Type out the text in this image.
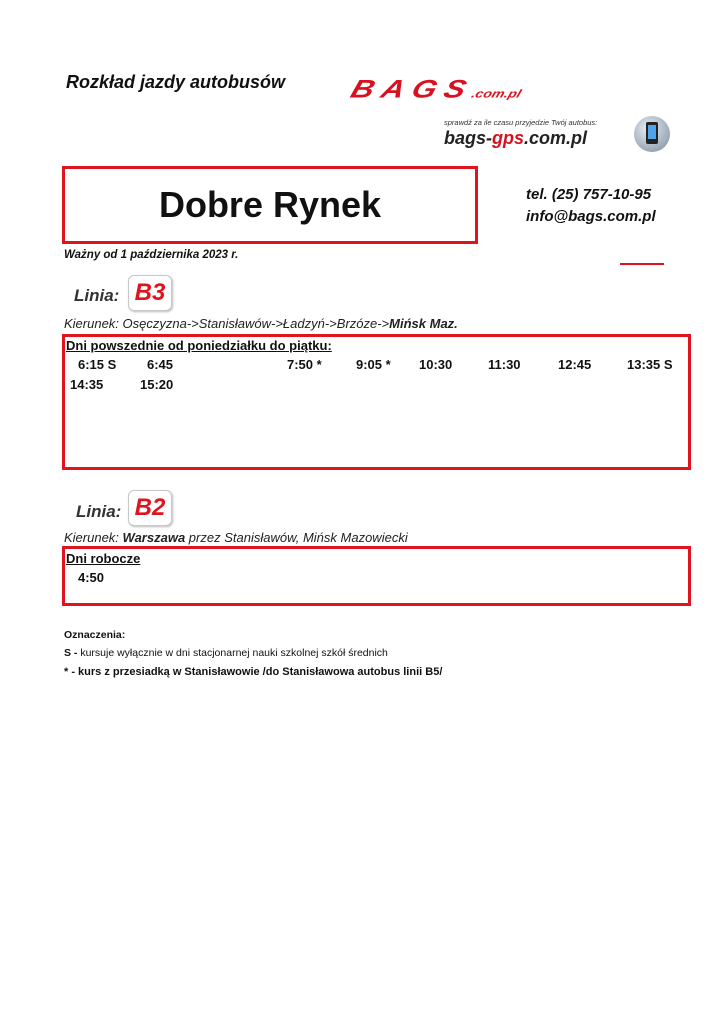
Rozkład jazdy autobusów BAGS.com.pl
sprawdź za ile czasu przyjedzie Twój autobus:
bags-gps.com.pl
Dobre Rynek	tel. (25) 757-10-95
info@bags.com.pl
Ważny od 1 października 2023 r.
Linia: B3
Kierunek: Osęczyzna->Stanisławów->Ładzyń->Brzóze->Mińsk Maz.
Dni powszednie od poniedziałku do piątku:
6:15 S 6:45	7:50 *	9:05 * 10:30	11:30	12:45	13:35 S
14:35	15:20
Linia: B2
Kierunek: Warszawa przez Stanisławów, Mińsk Mazowiecki
Dni robocze
4:50
Oznaczenia:
S - kursuje wyłącznie w dni stacjonarnej nauki szkolnej szkół średnich
* - kurs z przesiadką w Stanisławowie /do Stanisławowa autobus linii B5/
